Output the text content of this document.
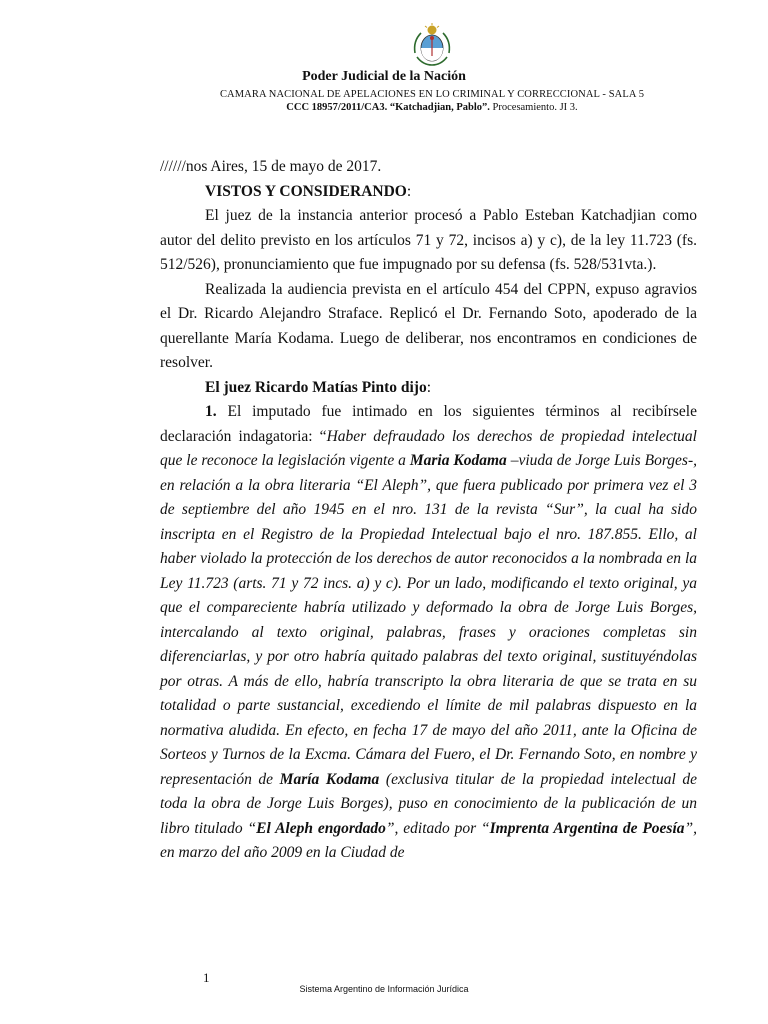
Poder Judicial de la Nación
CAMARA NACIONAL DE APELACIONES EN LO CRIMINAL Y CORRECCIONAL - SALA 5
CCC 18957/2011/CA3. “Katchadjian, Pablo”. Procesamiento. JI 3.

//////nos Aires, 15 de mayo de 2017.

VISTOS Y CONSIDERANDO:

El juez de la instancia anterior procesó a Pablo Esteban Katchadjian como autor del delito previsto en los artículos 71 y 72, incisos a) y c), de la ley 11.723 (fs. 512/526), pronunciamiento que fue impugnado por su defensa (fs. 528/531vta.).

Realizada la audiencia prevista en el artículo 454 del CPPN, expuso agravios el Dr. Ricardo Alejandro Straface. Replicó el Dr. Fernando Soto, apoderado de la querellante María Kodama. Luego de deliberar, nos encontramos en condiciones de resolver.

El juez Ricardo Matías Pinto dijo:

1. El imputado fue intimado en los siguientes términos al recibírsele declaración indagatoria: “Haber defraudado los derechos de propiedad intelectual que le reconoce la legislación vigente a Maria Kodama –viuda de Jorge Luis Borges-, en relación a la obra literaria “El Aleph”, que fuera publicado por primera vez el 3 de septiembre del año 1945 en el nro. 131 de la revista “Sur”, la cual ha sido inscripta en el Registro de la Propiedad Intelectual bajo el nro. 187.855. Ello, al haber violado la protección de los derechos de autor reconocidos a la nombrada en la Ley 11.723 (arts. 71 y 72 incs. a) y c). Por un lado, modificando el texto original, ya que el compareciente habría utilizado y deformado la obra de Jorge Luis Borges, intercalando al texto original, palabras, frases y oraciones completas sin diferenciarlas, y por otro habría quitado palabras del texto original, sustituyéndolas por otras. A más de ello, habría transcripto la obra literaria de que se trata en su totalidad o parte sustancial, excediendo el límite de mil palabras dispuesto en la normativa aludida. En efecto, en fecha 17 de mayo del año 2011, ante la Oficina de Sorteos y Turnos de la Excma. Cámara del Fuero, el Dr. Fernando Soto, en nombre y representación de María Kodama (exclusiva titular de la propiedad intelectual de toda la obra de Jorge Luis Borges), puso en conocimiento de la publicación de un libro titulado “El Aleph engordado”, editado por “Imprenta Argentina de Poesía”, en marzo del año 2009 en la Ciudad de

1
Sistema Argentino de Información Jurídica
